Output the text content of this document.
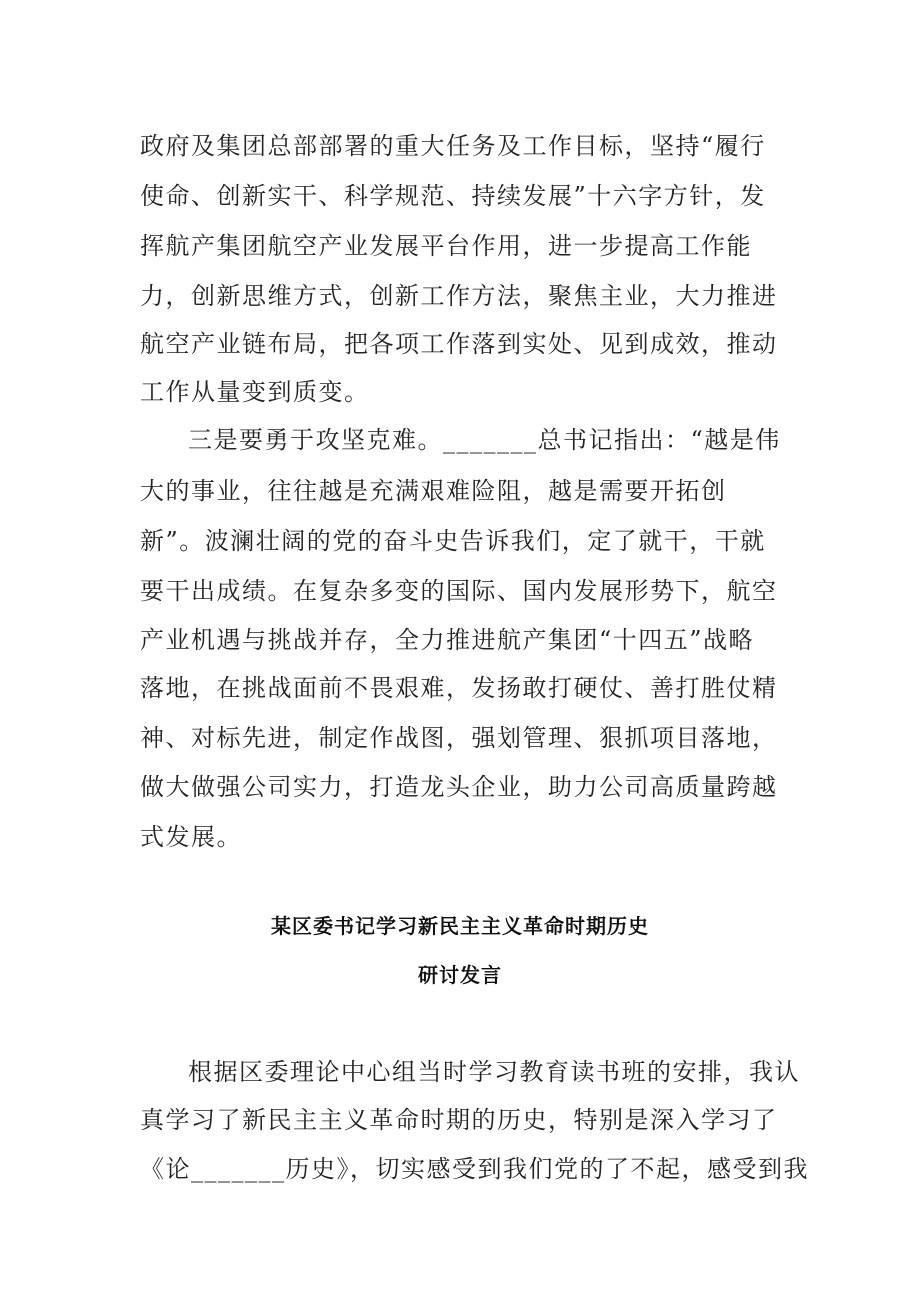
政府及集团总部部署的重大任务及工作目标，坚持“履行
使命、创新实干、科学规范、持续发展”十六字方针，发
挥航产集团航空产业发展平台作用，进一步提高工作能
力，创新思维方式，创新工作方法，聚焦主业，大力推进
航空产业链布局，把各项工作落到实处、见到成效，推动
工作从量变到质变。
三是要勇于攻坚克难。_______总书记指出：“越是伟
大的事业，往往越是充满艰难险阻，越是需要开拓创
新”。波澜壮阔的党的奋斗史告诉我们，定了就干，干就
要干出成绩。在复杂多变的国际、国内发展形势下，航空
产业机遇与挑战并存，全力推进航产集团“十四五”战略
落地，在挑战面前不畏艰难，发扬敢打硬仗、善打胜仗精
神、对标先进，制定作战图，强划管理、狠抓项目落地，
做大做强公司实力，打造龙头企业，助力公司高质量跨越
式发展。
某区委书记学习新民主主义革命时期历史
研讨发言
根据区委理论中心组当时学习教育读书班的安排，我认
真学习了新民主主义革命时期的历史，特别是深入学习了
《论_______历史》，切实感受到我们党的了不起，感受到我
